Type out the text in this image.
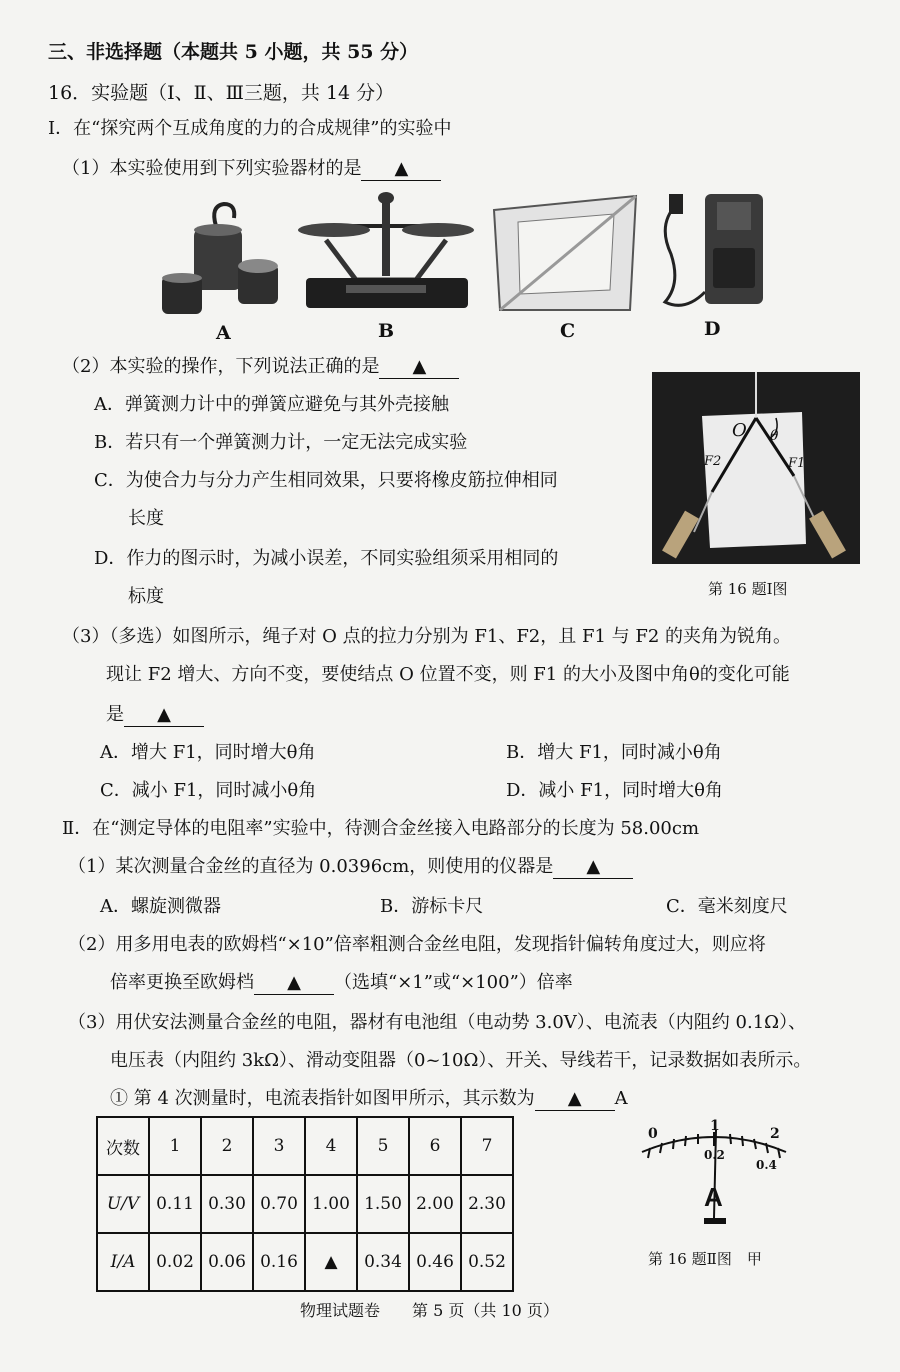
三、非选择题（本题共 5 小题，共 55 分）
16．实验题（Ⅰ、Ⅱ、Ⅲ三题，共 14 分）
Ⅰ．在“探究两个互成角度的力的合成规律”的实验中
（1）本实验使用到下列实验器材的是 ▲
A	B	C	D
（2）本实验的操作，下列说法正确的是 ▲
A．弹簧测力计中的弹簧应避免与其外壳接触
B．若只有一个弹簧测力计，一定无法完成实验
C．为使合力与分力产生相同效果，只要将橡皮筋拉伸相同
长度
D．作力的图示时，为减小误差，不同实验组须采用相同的
标度
O θ
F2	F1
第 16 题Ⅰ图
（3）（多选）如图所示，绳子对 O 点的拉力分别为 F1、F2，且 F1 与 F2 的夹角为锐角。
现让 F2 增大、方向不变，要使结点 O 位置不变，则 F1 的大小及图中角θ的变化可能
是 ▲
A．增大 F1，同时增大θ角	B．增大 F1，同时减小θ角
C．减小 F1，同时减小θ角	D．减小 F1，同时增大θ角
Ⅱ．在“测定导体的电阻率”实验中，待测合金丝接入电路部分的长度为 58.00cm
（1）某次测量合金丝的直径为 0.0396cm，则使用的仪器是 ▲
A．螺旋测微器	B．游标卡尺	C．毫米刻度尺
（2）用多用电表的欧姆档“×10”倍率粗测合金丝电阻，发现指针偏转角度过大，则应将
倍率更换至欧姆档 ▲ （选填“×1”或“×100”）倍率
（3）用伏安法测量合金丝的电阻，器材有电池组（电动势 3.0V）、电流表（内阻约 0.1Ω）、
电压表（内阻约 3kΩ）、滑动变阻器（0~10Ω）、开关、导线若干，记录数据如表所示。
① 第 4 次测量时，电流表指针如图甲所示，其示数为 ▲ A
次数	1	2	3	4	5	6	7
U/V	0.11	0.30	0.70	1.00	1.50	2.00	2.30
I/A	0.02	0.06	0.16	▲	0.34	0.46	0.52
0	1	2
0.2
0.4
A
第 16 题Ⅱ图　甲
物理试题卷　　第 5 页（共 10 页）
